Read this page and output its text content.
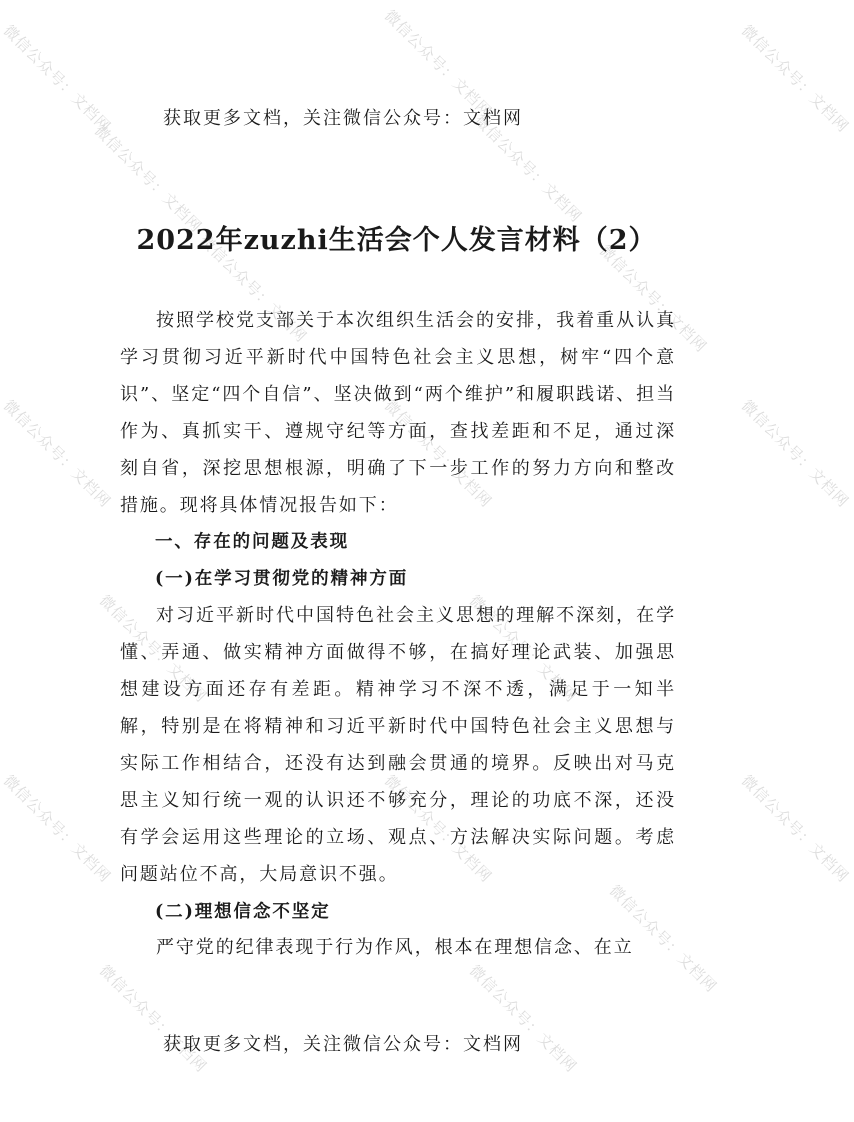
微信公众号：文档网
微信公众号：文档网
微信公众号：文档网
微信公众号：文档网
微信公众号：文档网
微信公众号：文档网
微信公众号：文档网
微信公众号：文档网
微信公众号：文档网
微信公众号：文档网
微信公众号：文档网
微信公众号：文档网
微信公众号：文档网
微信公众号：文档网
微信公众号：文档网
微信公众号：文档网	微信公众号：文档网
微信公众号：文档网
获取更多文档，关注微信公众号：文档网
2022年zuzhi生活会个人发言材料（2）

按照学校党支部关于本次组织生活会的安排，我着重从认真学习贯彻习近平新时代中国特色社会主义思想，树牢“四个意识”、坚定“四个自信”、坚决做到“两个维护”和履职践诺、担当作为、真抓实干、遵规守纪等方面，查找差距和不足，通过深刻自省，深挖思想根源，明确了下一步工作的努力方向和整改措施。现将具体情况报告如下：

一、存在的问题及表现

(一)在学习贯彻党的精神方面

对习近平新时代中国特色社会主义思想的理解不深刻，在学懂、弄通、做实精神方面做得不够，在搞好理论武装、加强思想建设方面还存有差距。精神学习不深不透，满足于一知半解，特别是在将精神和习近平新时代中国特色社会主义思想与实际工作相结合，还没有达到融会贯通的境界。反映出对马克思主义知行统一观的认识还不够充分，理论的功底不深，还没有学会运用这些理论的立场、观点、方法解决实际问题。考虑问题站位不高，大局意识不强。

(二)理想信念不坚定

严守党的纪律表现于行为作风，根本在理想信念、在立

获取更多文档，关注微信公众号：文档网
